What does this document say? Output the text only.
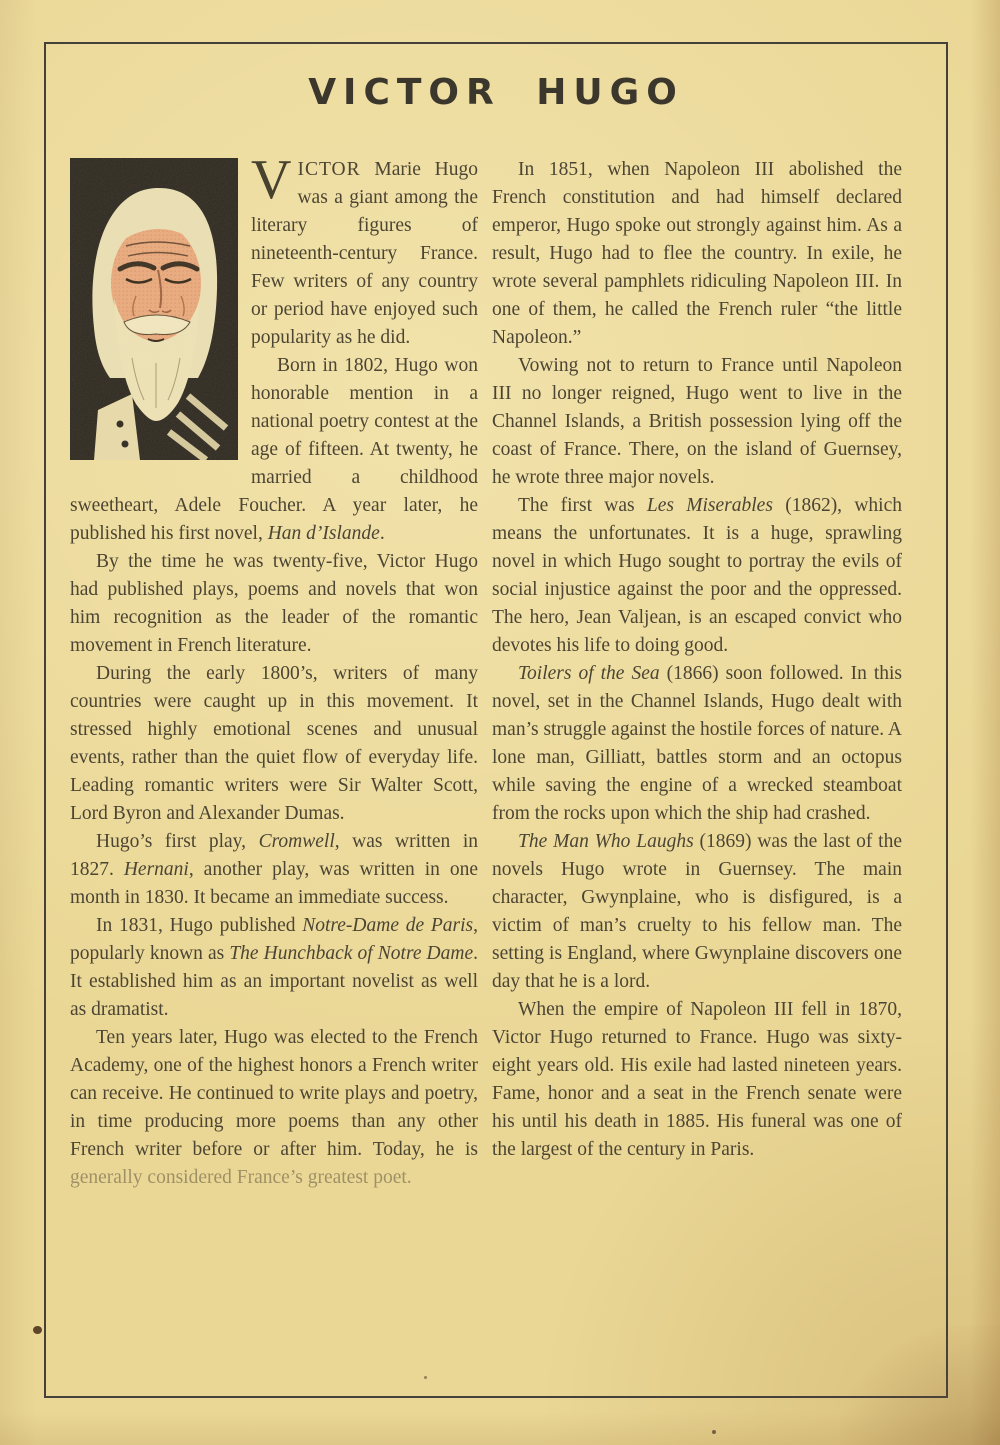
VICTOR HUGO

VICTOR Marie Hugo was a giant among the literary figures of nineteenth-century France. Few writers of any country or period have enjoyed such popularity as he did.

Born in 1802, Hugo won honorable mention in a national poetry contest at the age of fifteen. At twenty, he married a childhood sweetheart, Adele Foucher. A year later, he published his first novel, Han d’Islande.

By the time he was twenty-five, Victor Hugo had published plays, poems and novels that won him recognition as the leader of the romantic movement in French literature.

During the early 1800’s, writers of many countries were caught up in this movement. It stressed highly emotional scenes and unusual events, rather than the quiet flow of everyday life. Leading romantic writers were Sir Walter Scott, Lord Byron and Alexander Dumas.

Hugo’s first play, Cromwell, was written in 1827. Hernani, another play, was written in one month in 1830. It became an immediate success.

In 1831, Hugo published Notre-Dame de Paris, popularly known as The Hunchback of Notre Dame. It established him as an important novelist as well as dramatist.

Ten years later, Hugo was elected to the French Academy, one of the highest honors a French writer can receive. He continued to write plays and poetry, in time producing more poems than any other French writer before or after him. Today, he is generally considered France’s greatest poet.

In 1851, when Napoleon III abolished the French constitution and had himself declared emperor, Hugo spoke out strongly against him. As a result, Hugo had to flee the country. In exile, he wrote several pamphlets ridiculing Napoleon III. In one of them, he called the French ruler “the little Napoleon.”

Vowing not to return to France until Napoleon III no longer reigned, Hugo went to live in the Channel Islands, a British possession lying off the coast of France. There, on the island of Guernsey, he wrote three major novels.

The first was Les Miserables (1862), which means the unfortunates. It is a huge, sprawling novel in which Hugo sought to portray the evils of social injustice against the poor and the oppressed. The hero, Jean Valjean, is an escaped convict who devotes his life to doing good.

Toilers of the Sea (1866) soon followed. In this novel, set in the Channel Islands, Hugo dealt with man’s struggle against the hostile forces of nature. A lone man, Gilliatt, battles storm and an octopus while saving the engine of a wrecked steamboat from the rocks upon which the ship had crashed.

The Man Who Laughs (1869) was the last of the novels Hugo wrote in Guernsey. The main character, Gwynplaine, who is disfigured, is a victim of man’s cruelty to his fellow man. The setting is England, where Gwynplaine discovers one day that he is a lord.

When the empire of Napoleon III fell in 1870, Victor Hugo returned to France. Hugo was sixty-eight years old. His exile had lasted nineteen years. Fame, honor and a seat in the French senate were his until his death in 1885. His funeral was one of the largest of the century in Paris.
